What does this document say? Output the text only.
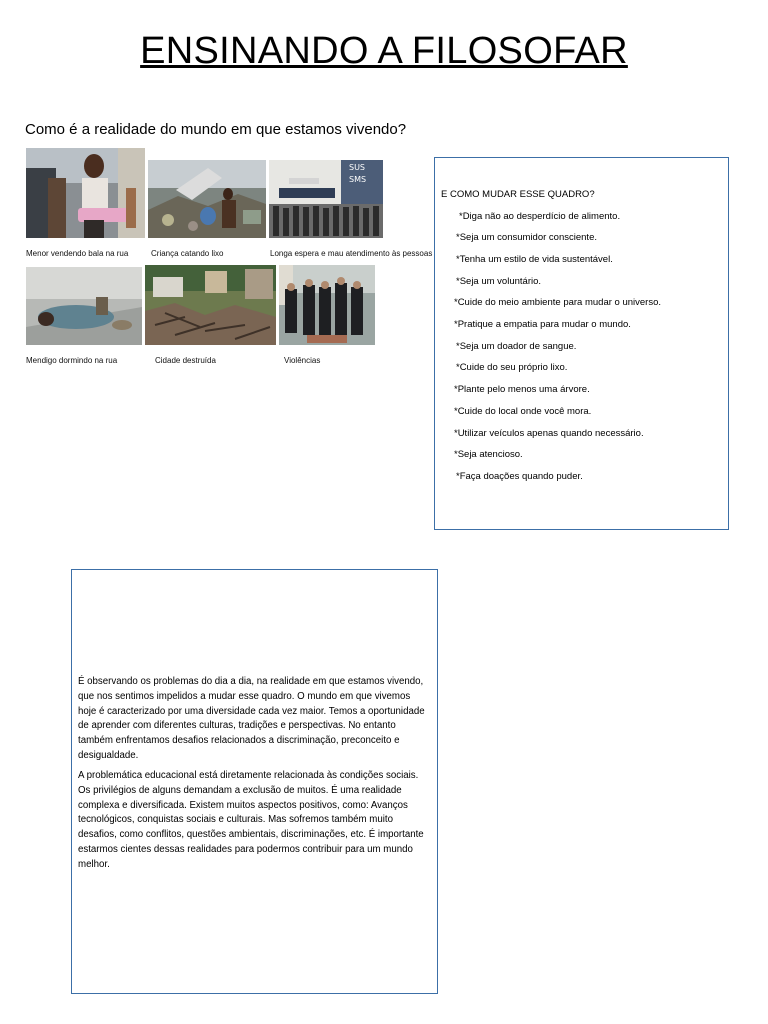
ENSINANDO A FILOSOFAR
Como é a realidade do mundo em que estamos vivendo?
Menor vendendo bala na rua	Criança catando lixo
SUS
SMS
Longa espera e mau atendimento às pessoas
Mendigo dormindo na rua	Cidade destruída	Violências
E COMO MUDAR ESSE QUADRO?
*Diga não ao desperdício de alimento.
*Seja um consumidor consciente.
*Tenha um estilo de vida sustentável.
*Seja um voluntário.
*Cuide do meio ambiente para mudar o universo.
*Pratique a empatia para mudar o mundo.
*Seja um doador de sangue.
*Cuide do seu próprio lixo.
*Plante pelo menos uma árvore.
*Cuide do local onde você mora.
*Utilizar veículos apenas quando necessário.
*Seja atencioso.
*Faça doações quando puder.
É observando os problemas do dia a dia, na realidade em que estamos vivendo, que nos sentimos impelidos a mudar esse quadro. O mundo em que vivemos hoje é caracterizado por uma diversidade cada vez maior. Temos a oportunidade de aprender com diferentes culturas, tradições e perspectivas. No entanto também enfrentamos desafios relacionados a discriminação, preconceito e desigualdade.
A problemática educacional está diretamente relacionada às condições sociais. Os privilégios de alguns demandam a exclusão de muitos. É uma realidade complexa e diversificada. Existem muitos aspectos positivos, como: Avanços tecnológicos, conquistas sociais e culturais. Mas sofremos também muito desafios, como conflitos, questões ambientais, discriminações, etc. É importante estarmos cientes dessas realidades para podermos contribuir para um mundo melhor.
